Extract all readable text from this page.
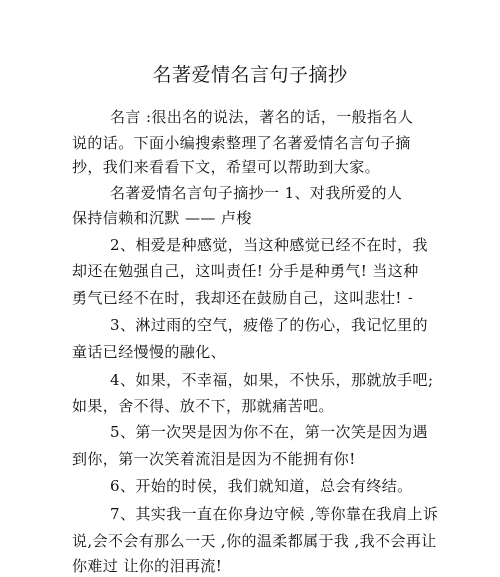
名著爱情名言句子摘抄
名言 :很出名的说法，著名的话，一般指名人
说的话。下面小编搜索整理了名著爱情名言句子摘
抄，我们来看看下文，希望可以帮助到大家。
名著爱情名言句子摘抄一 1、对我所爱的人
保持信赖和沉默 —— 卢梭
2、相爱是种感觉，当这种感觉已经不在时，我
却还在勉强自己，这叫责任! 分手是种勇气! 当这种
勇气已经不在时，我却还在鼓励自己，这叫悲壮! -
3、淋过雨的空气，疲倦了的伤心，我记忆里的
童话已经慢慢的融化、
4、如果，不幸福，如果，不快乐，那就放手吧;
如果，舍不得、放不下，那就痛苦吧。
5、第一次哭是因为你不在，第一次笑是因为遇
到你，第一次笑着流泪是因为不能拥有你!
6、开始的时侯，我们就知道，总会有终结。
7、其实我一直在你身边守候 ,等你靠在我肩上诉
说,会不会有那么一天 ,你的温柔都属于我 ,我不会再让
你难过 让你的泪再流!
